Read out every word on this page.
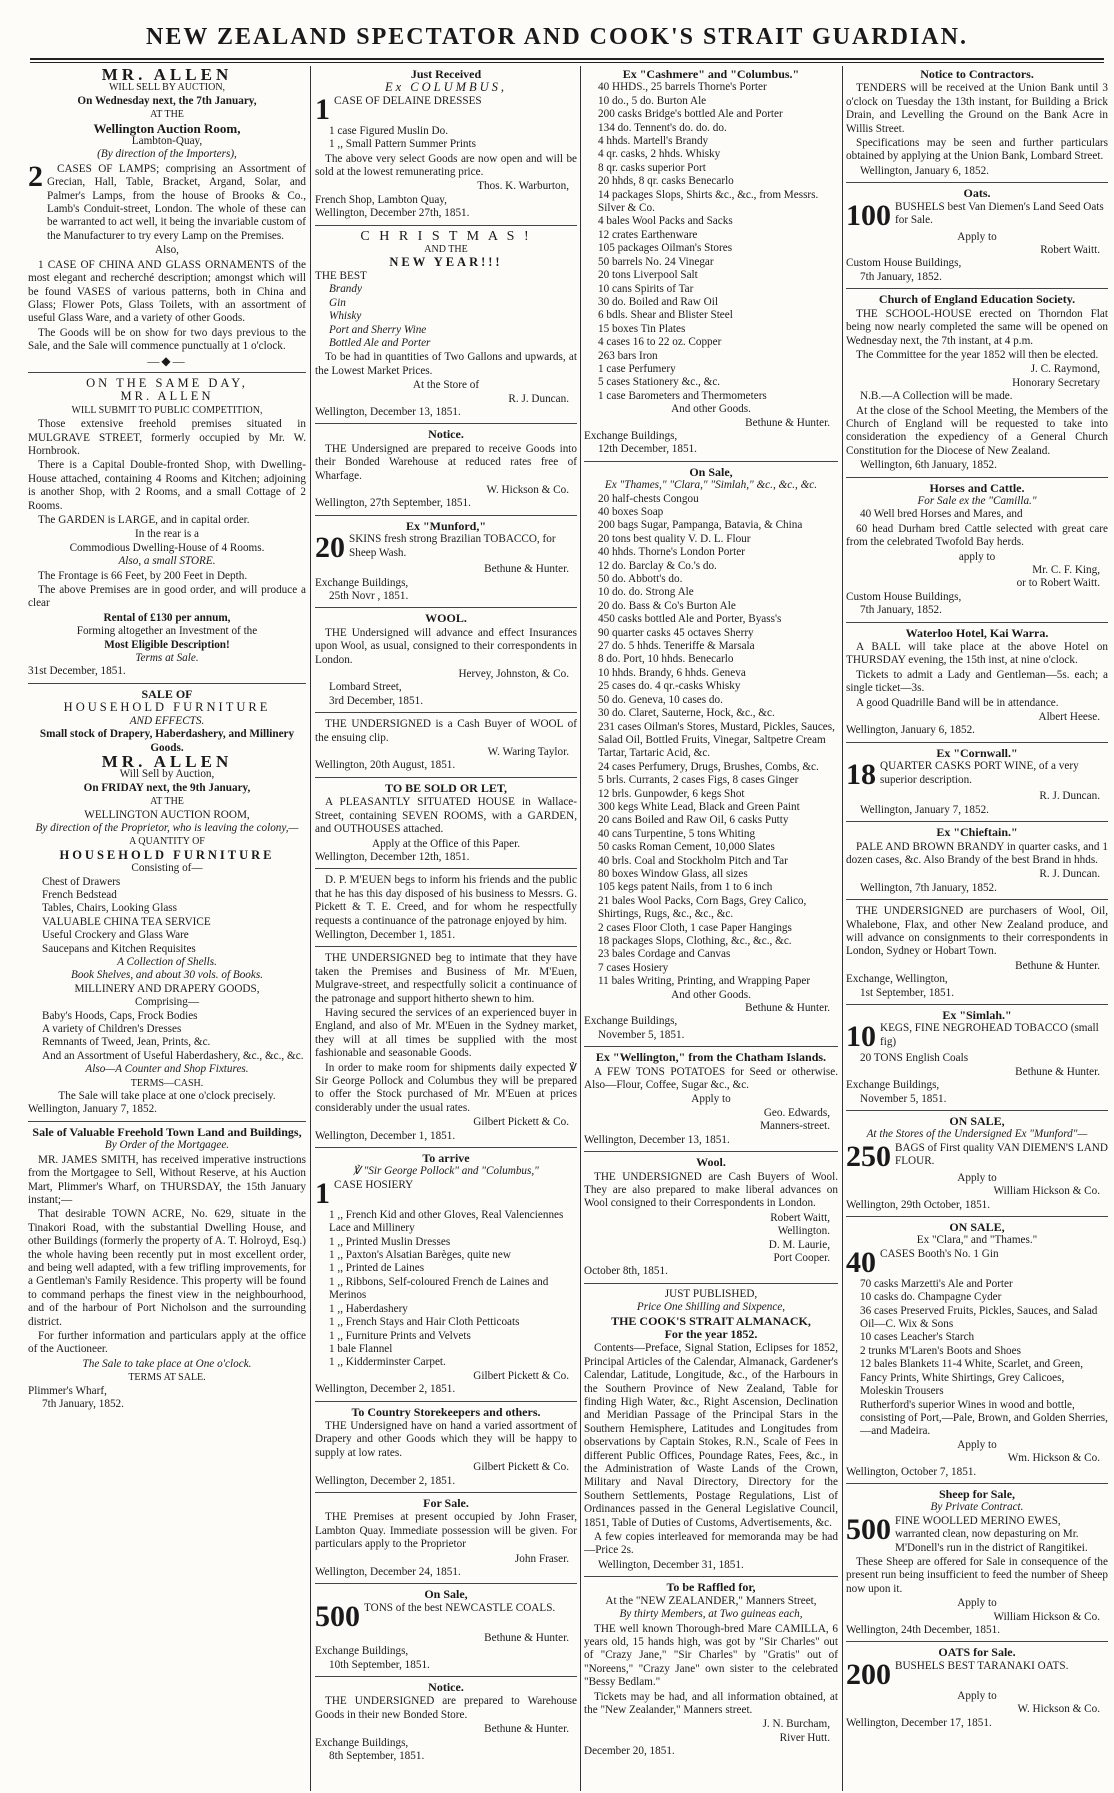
NEW ZEALAND SPECTATOR AND COOK'S STRAIT GUARDIAN.
MR. ALLEN
WILL SELL BY AUCTION,
On Wednesday next, the 7th January,
AT THE
Wellington Auction Room,
Lambton-Quay,
(By direction of the Importers),
2	CASES OF LAMPS; comprising an Assortment of Grecian, Hall, Table, Bracket, Argand, Solar, and Palmer's Lamps, from the house of Brooks & Co., Lamb's Conduit-street, London. The whole of these can be warranted to act well, it being the invariable custom of the Manufacturer to try every Lamp on the Premises.
Also,
1 CASE OF CHINA AND GLASS ORNAMENTS of the most elegant and recherché description; amongst which will be found VASES of various patterns, both in China and Glass; Flower Pots, Glass Toilets, with an assortment of useful Glass Ware, and a variety of other Goods.
The Goods will be on show for two days previous to the Sale, and the Sale will commence punctually at 1 o'clock.
—◆—
ON THE SAME DAY,
MR. ALLEN
WILL SUBMIT TO PUBLIC COMPETITION,
Those extensive freehold premises situated in MULGRAVE STREET, formerly occupied by Mr. W. Hornbrook.
There is a Capital Double-fronted Shop, with Dwelling-House attached, containing 4 Rooms and Kitchen; adjoining is another Shop, with 2 Rooms, and a small Cottage of 2 Rooms.
The GARDEN is LARGE, and in capital order.
In the rear is a
Commodious Dwelling-House of 4 Rooms.
Also, a small STORE.
The Frontage is 66 Feet, by 200 Feet in Depth.
The above Premises are in good order, and will produce a clear
Rental of £130 per annum,
Forming altogether an Investment of the
Most Eligible Description!
Terms at Sale.
31st December, 1851.
SALE OF
HOUSEHOLD FURNITURE
AND EFFECTS.
Small stock of Drapery, Haberdashery, and Millinery Goods.
MR. ALLEN
Will Sell by Auction,
On FRIDAY next, the 9th January,
AT THE
WELLINGTON AUCTION ROOM,
By direction of the Proprietor, who is leaving the colony,—
A QUANTITY OF
HOUSEHOLD FURNITURE
Consisting of—
Chest of Drawers
French Bedstead
Tables, Chairs, Looking Glass
VALUABLE CHINA TEA SERVICE
Useful Crockery and Glass Ware
Saucepans and Kitchen Requisites
A Collection of Shells.
Book Shelves, and about 30 vols. of Books.
MILLINERY AND DRAPERY GOODS,
Comprising—
Baby's Hoods, Caps, Frock Bodies
A variety of Children's Dresses
Remnants of Tweed, Jean, Prints, &c.
And an Assortment of Useful Haberdashery, &c., &c., &c.
Also—A Counter and Shop Fixtures.
TERMS—CASH.
The Sale will take place at one o'clock precisely.
Wellington, January 7, 1852.
Sale of Valuable Freehold Town Land and Buildings,
By Order of the Mortgagee.
MR. JAMES SMITH, has received imperative instructions from the Mortgagee to Sell, Without Reserve, at his Auction Mart, Plimmer's Wharf, on THURSDAY, the 15th January instant;—
That desirable TOWN ACRE, No. 629, situate in the Tinakori Road, with the substantial Dwelling House, and other Buildings (formerly the property of A. T. Holroyd, Esq.) the whole having been recently put in most excellent order, and being well adapted, with a few trifling improvements, for a Gentleman's Family Residence. This property will be found to command perhaps the finest view in the neighbourhood, and of the harbour of Port Nicholson and the surrounding district.
For further information and particulars apply at the office of the Auctioneer.
The Sale to take place at One o'clock.
TERMS AT SALE.
Plimmer's Wharf,
7th January, 1852.
Just Received
Ex COLUMBUS,
1 CASE OF DELAINE DRESSES
1 case Figured Muslin Do.
1 ,, Small Pattern Summer Prints
The above very select Goods are now open and will be sold at the lowest remunerating price.
Thos. K. Warburton,
French Shop, Lambton Quay,
Wellington, December 27th, 1851.
C H R I S T M A S !
AND THE
NEW YEAR!!!
THE BEST
Brandy
Gin
Whisky
Port and Sherry Wine
Bottled Ale and Porter
To be had in quantities of Two Gallons and upwards, at the Lowest Market Prices.
At the Store of
R. J. Duncan.
Wellington, December 13, 1851.
Notice.
THE Undersigned are prepared to receive Goods into their Bonded Warehouse at reduced rates free of Wharfage.
W. Hickson & Co.
Wellington, 27th September, 1851.
Ex "Munford,"
20 SKINS fresh strong Brazilian TOBACCO, for Sheep Wash.
Bethune & Hunter.
Exchange Buildings,
25th Novr , 1851.
WOOL.
THE Undersigned will advance and effect Insurances upon Wool, as usual, consigned to their correspondents in London.
Hervey, Johnston, & Co.
Lombard Street,
3rd December, 1851.
THE UNDERSIGNED is a Cash Buyer of WOOL of the ensuing clip.
W. Waring Taylor.
Wellington, 20th August, 1851.
TO BE SOLD OR LET,
A PLEASANTLY SITUATED HOUSE in Wallace-Street, containing SEVEN ROOMS, with a GARDEN, and OUTHOUSES attached.
Apply at the Office of this Paper.
Wellington, December 12th, 1851.
D. P. M'EUEN begs to inform his friends and the public that he has this day disposed of his business to Messrs. G. Pickett & T. E. Creed, and for whom he respectfully requests a continuance of the patronage enjoyed by him.
Wellington, December 1, 1851.
THE UNDERSIGNED beg to intimate that they have taken the Premises and Business of Mr. M'Euen, Mulgrave-street, and respectfully solicit a continuance of the patronage and support hitherto shewn to him.
Having secured the services of an experienced buyer in England, and also of Mr. M'Euen in the Sydney market, they will at all times be supplied with the most fashionable and seasonable Goods.
In order to make room for shipments daily expected ℣ Sir George Pollock and Columbus they will be prepared to offer the Stock purchased of Mr. M'Euen at prices considerably under the usual rates.
Gilbert Pickett & Co.
Wellington, December 1, 1851.
To arrive
℣ "Sir George Pollock" and "Columbus,"
1 CASE HOSIERY
1 ,, French Kid and other Gloves, Real Valenciennes Lace and Millinery
1 ,, Printed Muslin Dresses
1 ,, Paxton's Alsatian Barèges, quite new
1 ,, Printed de Laines
1 ,, Ribbons, Self-coloured French de Laines and Merinos
1 ,, Haberdashery
1 ,, French Stays and Hair Cloth Petticoats
1 ,, Furniture Prints and Velvets
1 bale Flannel
1 ,, Kidderminster Carpet.
Gilbert Pickett & Co.
Wellington, December 2, 1851.
To Country Storekeepers and others.
THE Undersigned have on hand a varied assortment of Drapery and other Goods which they will be happy to supply at low rates.
Gilbert Pickett & Co.
Wellington, December 2, 1851.
For Sale.
THE Premises at present occupied by John Fraser, Lambton Quay. Immediate possession will be given. For particulars apply to the Proprietor
John Fraser.
Wellington, December 24, 1851.
On Sale,
500 TONS of the best NEWCASTLE COALS.
Bethune & Hunter.
Exchange Buildings,
10th September, 1851.
Notice.
THE UNDERSIGNED are prepared to Warehouse Goods in their new Bonded Store.
Bethune & Hunter.
Exchange Buildings,
8th September, 1851.
Ex "Cashmere" and "Columbus."
40 HHDS., 25 barrels Thorne's Porter
10 do., 5 do. Burton Ale
200 casks Bridge's bottled Ale and Porter
134 do. Tennent's do. do. do.
4 hhds. Martell's Brandy
4 qr. casks, 2 hhds. Whisky
8 qr. casks superior Port
20 hhds, 8 qr. casks Benecarlo
14 packages Slops, Shirts &c., &c., from Messrs. Silver & Co.
4 bales Wool Packs and Sacks
12 crates Earthenware
105 packages Oilman's Stores
50 barrels No. 24 Vinegar
20 tons Liverpool Salt
10 cans Spirits of Tar
30 do. Boiled and Raw Oil
6 bdls. Shear and Blister Steel
15 boxes Tin Plates
4 cases 16 to 22 oz. Copper
263 bars Iron
1 case Perfumery
5 cases Stationery &c., &c.
1 case Barometers and Thermometers
And other Goods.
Bethune & Hunter.
Exchange Buildings,
12th December, 1851.
On Sale,
Ex "Thames," "Clara," "Simlah," &c., &c., &c.
20 half-chests Congou
40 boxes Soap
200 bags Sugar, Pampanga, Batavia, & China
20 tons best quality V. D. L. Flour
40 hhds. Thorne's London Porter
12 do. Barclay & Co.'s do.
50 do. Abbott's do.
10 do. do. Strong Ale
20 do. Bass & Co's Burton Ale
450 casks bottled Ale and Porter, Byass's
90 quarter casks 45 octaves Sherry
27 do. 5 hhds. Teneriffe & Marsala
8 do. Port, 10 hhds. Benecarlo
10 hhds. Brandy, 6 hhds. Geneva
25 cases do. 4 qr.-casks Whisky
50 do. Geneva, 10 cases do.
30 do. Claret, Sauterne, Hock, &c., &c.
231 cases Oilman's Stores, Mustard, Pickles, Sauces, Salad Oil, Bottled Fruits, Vinegar, Saltpetre Cream Tartar, Tartaric Acid, &c.
24 cases Perfumery, Drugs, Brushes, Combs, &c.
5 brls. Currants, 2 cases Figs, 8 cases Ginger
12 brls. Gunpowder, 6 kegs Shot
300 kegs White Lead, Black and Green Paint
20 cans Boiled and Raw Oil, 6 casks Putty
40 cans Turpentine, 5 tons Whiting
50 casks Roman Cement, 10,000 Slates
40 brls. Coal and Stockholm Pitch and Tar
80 boxes Window Glass, all sizes
105 kegs patent Nails, from 1 to 6 inch
21 bales Wool Packs, Corn Bags, Grey Calico, Shirtings, Rugs, &c., &c., &c.
2 cases Floor Cloth, 1 case Paper Hangings
18 packages Slops, Clothing, &c., &c., &c.
23 bales Cordage and Canvas
7 cases Hosiery
11 bales Writing, Printing, and Wrapping Paper
And other Goods.
Bethune & Hunter.
Exchange Buildings,
November 5, 1851.
Ex "Wellington," from the Chatham Islands.
A FEW TONS POTATOES for Seed or otherwise. Also—Flour, Coffee, Sugar &c., &c.
Apply to
Geo. Edwards,
Manners-street.
Wellington, December 13, 1851.
Wool.
THE UNDERSIGNED are Cash Buyers of Wool. They are also prepared to make liberal advances on Wool consigned to their Correspondents in London.
Robert Waitt,
Wellington.
D. M. Laurie,
Port Cooper.
October 8th, 1851.
JUST PUBLISHED,
Price One Shilling and Sixpence,
THE COOK'S STRAIT ALMANACK,
For the year 1852.
Contents—Preface, Signal Station, Eclipses for 1852, Principal Articles of the Calendar, Almanack, Gardener's Calendar, Latitude, Longitude, &c., of the Harbours in the Southern Province of New Zealand, Table for finding High Water, &c., Right Ascension, Declination and Meridian Passage of the Principal Stars in the Southern Hemisphere, Latitudes and Longitudes from observations by Captain Stokes, R.N., Scale of Fees in different Public Offices, Poundage Rates, Fees, &c., in the Administration of Waste Lands of the Crown, Military and Naval Directory, Directory for the Southern Settlements, Postage Regulations, List of Ordinances passed in the General Legislative Council, 1851, Table of Duties of Customs, Advertisements, &c.
A few copies interleaved for memoranda may be had—Price 2s.
Wellington, December 31, 1851.
To be Raffled for,
At the "NEW ZEALANDER," Manners Street,
By thirty Members, at Two guineas each,
THE well known Thorough-bred Mare CAMILLA, 6 years old, 15 hands high, was got by "Sir Charles" out of "Crazy Jane," "Sir Charles" by "Gratis" out of "Noreens," "Crazy Jane" own sister to the celebrated "Bessy Bedlam."
Tickets may be had, and all information obtained, at the "New Zealander," Manners street.
J. N. Burcham,
River Hutt.
December 20, 1851.
Notice to Contractors.
TENDERS will be received at the Union Bank until 3 o'clock on Tuesday the 13th instant, for Building a Brick Drain, and Levelling the Ground on the Bank Acre in Willis Street.
Specifications may be seen and further particulars obtained by applying at the Union Bank, Lombard Street.
Wellington, January 6, 1852.
Oats.
100 BUSHELS best Van Diemen's Land Seed Oats for Sale.
Apply to
Robert Waitt.
Custom House Buildings,
7th January, 1852.
Church of England Education Society.
THE SCHOOL-HOUSE erected on Thorndon Flat being now nearly completed the same will be opened on Wednesday next, the 7th instant, at 4 p.m.
The Committee for the year 1852 will then be elected.
J. C. Raymond,
Honorary Secretary
N.B.—A Collection will be made.
At the close of the School Meeting, the Members of the Church of England will be requested to take into consideration the expediency of a General Church Constitution for the Diocese of New Zealand.
Wellington, 6th January, 1852.
Horses and Cattle.
For Sale ex the "Camilla."
40 Well bred Horses and Mares, and
60 head Durham bred Cattle selected with great care from the celebrated Twofold Bay herds.
apply to
Mr. C. F. King,
or to Robert Waitt.
Custom House Buildings,
7th January, 1852.
Waterloo Hotel, Kai Warra.
A BALL will take place at the above Hotel on THURSDAY evening, the 15th inst, at nine o'clock.
Tickets to admit a Lady and Gentleman—5s. each; a single ticket—3s.
A good Quadrille Band will be in attendance.
Albert Heese.
Wellington, January 6, 1852.
Ex "Cornwall."
18 QUARTER CASKS PORT WINE, of a very superior description.
R. J. Duncan.
Wellington, January 7, 1852.
Ex "Chieftain."
PALE AND BROWN BRANDY in quarter casks, and 1 dozen cases, &c. Also Brandy of the best Brand in hhds.
R. J. Duncan.
Wellington, 7th January, 1852.
THE UNDERSIGNED are purchasers of Wool, Oil, Whalebone, Flax, and other New Zealand produce, and will advance on consignments to their correspondents in London, Sydney or Hobart Town.
Bethune & Hunter.
Exchange, Wellington,
1st September, 1851.
Ex "Simlah."
10 KEGS, FINE NEGROHEAD TOBACCO (small fig)
20 TONS English Coals
Bethune & Hunter.
Exchange Buildings,
November 5, 1851.
ON SALE,
At the Stores of the Undersigned Ex "Munford"—
250 BAGS of First quality VAN DIEMEN'S LAND FLOUR.
Apply to
William Hickson & Co.
Wellington, 29th October, 1851.
ON SALE,
Ex "Clara," and "Thames."
40 CASES Booth's No. 1 Gin
70 casks Marzetti's Ale and Porter
10 casks do. Champagne Cyder
36 cases Preserved Fruits, Pickles, Sauces, and Salad Oil—C. Wix & Sons
10 cases Leacher's Starch
2 trunks M'Laren's Boots and Shoes
12 bales Blankets 11-4 White, Scarlet, and Green, Fancy Prints, White Shirtings, Grey Calicoes, Moleskin Trousers
Rutherford's superior Wines in wood and bottle, consisting of Port,—Pale, Brown, and Golden Sherries,—and Madeira.
Apply to
Wm. Hickson & Co.
Wellington, October 7, 1851.
Sheep for Sale,
By Private Contract.
500 FINE WOOLLED MERINO EWES, warranted clean, now depasturing on Mr. M'Donell's run in the district of Rangitikei.
These Sheep are offered for Sale in consequence of the present run being insufficient to feed the number of Sheep now upon it.
Apply to
William Hickson & Co.
Wellington, 24th December, 1851.
OATS for Sale.
200 BUSHELS BEST TARANAKI OATS.
Apply to
W. Hickson & Co.
Wellington, December 17, 1851.
